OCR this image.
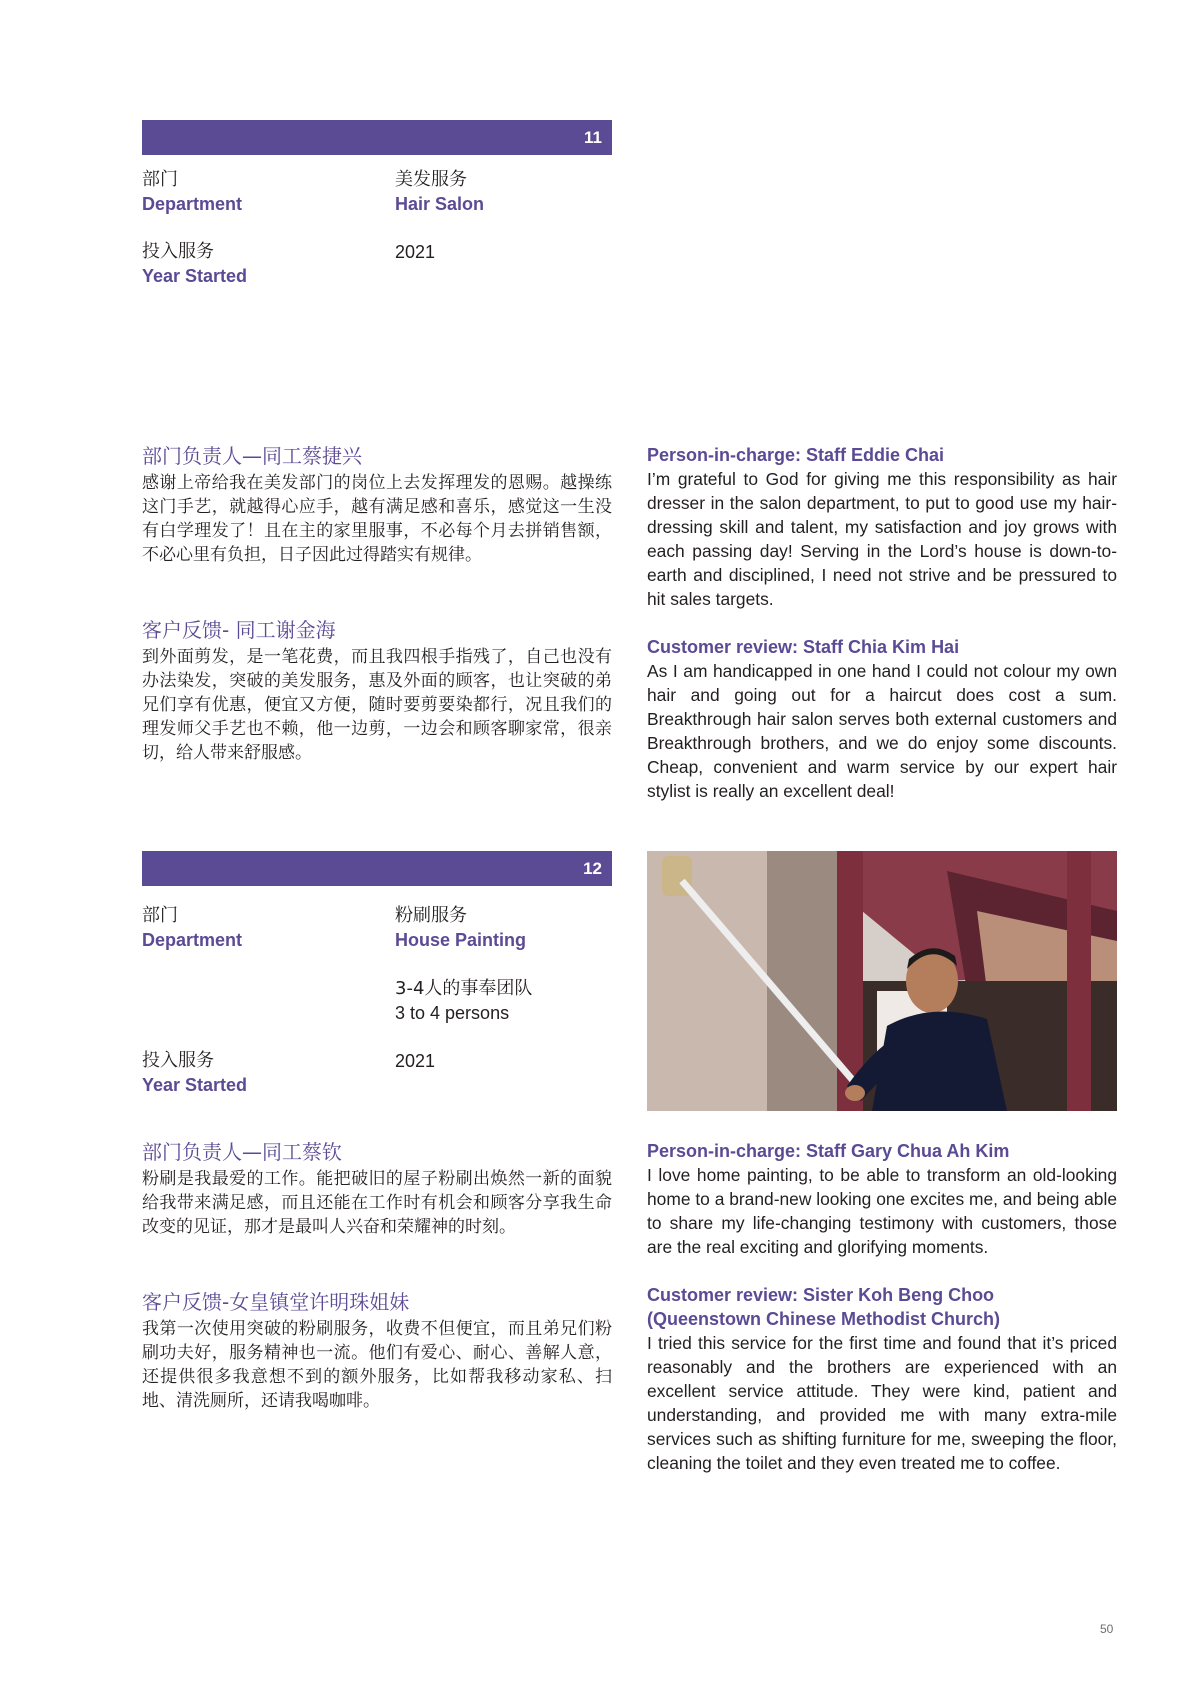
11
部门
Department
美发服务
Hair Salon
投入服务
Year Started
2021
部门负责人—同工蔡捷兴
感谢上帝给我在美发部门的岗位上去发挥理发的恩赐。越操练这门手艺，就越得心应手，越有满足感和喜乐，感觉这一生没有白学理发了！且在主的家里服事，不必每个月去拼销售额，不必心里有负担，日子因此过得踏实有规律。
客户反馈- 同工谢金海
到外面剪发，是一笔花费，而且我四根手指残了，自己也没有办法染发，突破的美发服务，惠及外面的顾客，也让突破的弟兄们享有优惠，便宜又方便，随时要剪要染都行，况且我们的理发师父手艺也不赖，他一边剪，一边会和顾客聊家常，很亲切，给人带来舒服感。
Person-in-charge: Staff Eddie Chai
I’m grateful to God for giving me this responsibility as hair dresser in the salon department, to put to good use my hair-dressing skill and talent, my satisfaction and joy grows with each passing day! Serving in the Lord’s house is down-to-earth and disciplined, I need not strive and be pressured to hit sales targets.
Customer review: Staff Chia Kim Hai
As I am handicapped in one hand I could not colour my own hair and going out for a haircut does cost a sum. Breakthrough hair salon serves both external customers and Breakthrough brothers, and we do enjoy some discounts. Cheap, convenient and warm service by our expert hair stylist is really an excellent deal!
12
部门
Department
粉刷服务
House Painting
3-4人的事奉团队
3 to 4 persons
投入服务
Year Started
2021
部门负责人—同工蔡钦
粉刷是我最爱的工作。能把破旧的屋子粉刷出焕然一新的面貌给我带来满足感，而且还能在工作时有机会和顾客分享我生命改变的见证，那才是最叫人兴奋和荣耀神的时刻。
客户反馈-女皇镇堂许明珠姐妹
我第一次使用突破的粉刷服务，收费不但便宜，而且弟兄们粉刷功夫好，服务精神也一流。他们有爱心、耐心、善解人意，还提供很多我意想不到的额外服务，比如帮我移动家私、扫地、清洗厕所，还请我喝咖啡。
Person-in-charge: Staff Gary Chua Ah Kim
I love home painting, to be able to transform an old-looking home to a brand-new looking one excites me, and being able to share my life-changing testimony with customers, those are the real exciting and glorifying moments.
Customer review: Sister Koh Beng Choo
(Queenstown Chinese Methodist Church)
I tried this service for the first time and found that it’s priced reasonably and the brothers are experienced with an excellent service attitude. They were kind, patient and understanding, and provided me with many extra-mile services such as shifting furniture for me, sweeping the floor, cleaning the toilet and they even treated me to coffee.
50
